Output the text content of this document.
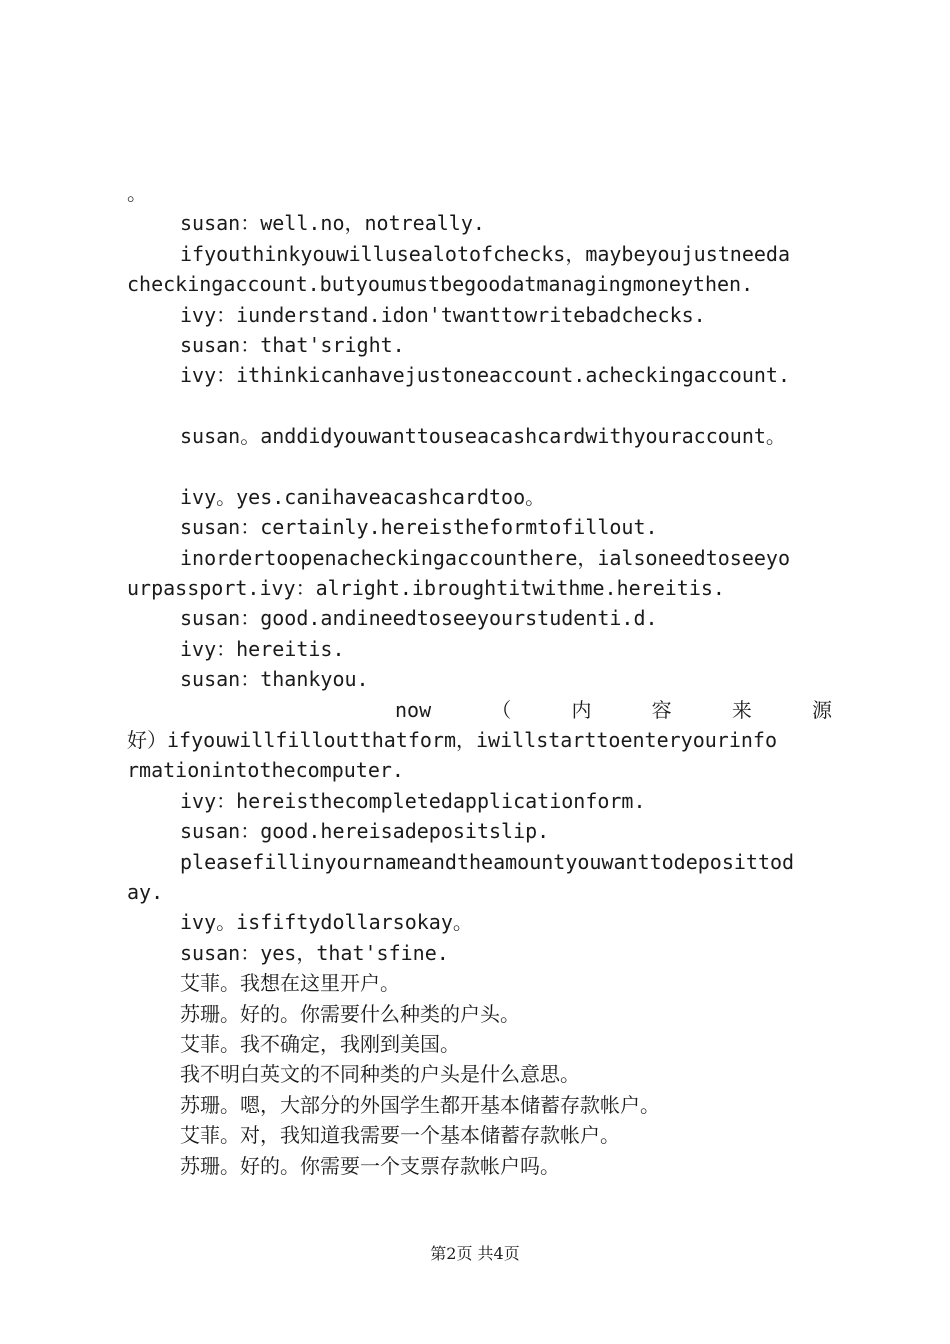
。
susan：well.no，notreally.
ifyouthinkyouwillusealotofchecks，maybeyoujustneeda
checkingaccount.butyoumustbegoodatmanagingmoneythen.
ivy：iunderstand.idon'twanttowritebadchecks.
susan：that'sright.
ivy：ithinkicanhavejustoneaccount.acheckingaccount.
susan。anddidyouwanttouseacashcardwithyouraccount。
ivy。yes.canihaveacashcardtoo。
susan：certainly.hereistheformtofillout.
inordertoopenacheckingaccounthere，ialsoneedtoseeyo
urpassport.ivy：alright.ibroughtitwithme.hereitis.
susan：good.andineedtoseeyourstudenti.d.
ivy：hereitis.
susan：thankyou.
now	（	内	容	来	源
好）ifyouwillfilloutthatform，iwillstarttoenteryourinfo
rmationintothecomputer.
ivy：hereisthecompletedapplicationform.
susan：good.hereisadepositslip.
pleasefillinyournameandtheamountyouwanttodeposittod
ay.
ivy。isfiftydollarsokay。
susan：yes，that'sfine.
艾菲。我想在这里开户。
苏珊。好的。你需要什么种类的户头。
艾菲。我不确定，我刚到美国。
我不明白英文的不同种类的户头是什么意思。
苏珊。嗯，大部分的外国学生都开基本储蓄存款帐户。
艾菲。对，我知道我需要一个基本储蓄存款帐户。
苏珊。好的。你需要一个支票存款帐户吗。
第2页 共4页
